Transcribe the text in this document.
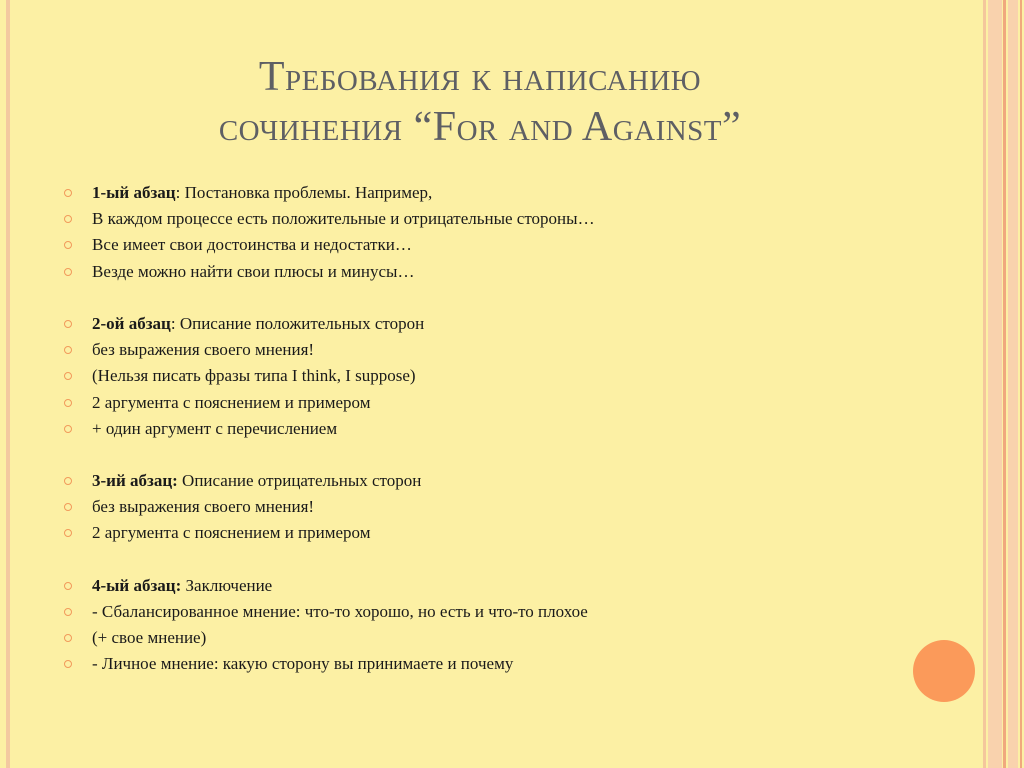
Требования к написанию
сочинения “For and Against”
1-ый абзац: Постановка проблемы. Например,
В каждом процессе есть положительные и отрицательные стороны…
Все имеет свои достоинства и недостатки…
Везде можно найти свои плюсы и минусы…
2-ой абзац: Описание положительных сторон
без выражения своего мнения!
(Нельзя писать фразы типа I think, I suppose)
2 аргумента с пояснением и примером
+ один аргумент с перечислением
3-ий абзац: Описание отрицательных сторон
без выражения своего мнения!
2 аргумента с пояснением и примером
4-ый абзац: Заключение
- Сбалансированное мнение: что-то хорошо, но есть и что-то плохое
(+ свое мнение)
- Личное мнение: какую сторону вы принимаете и почему
